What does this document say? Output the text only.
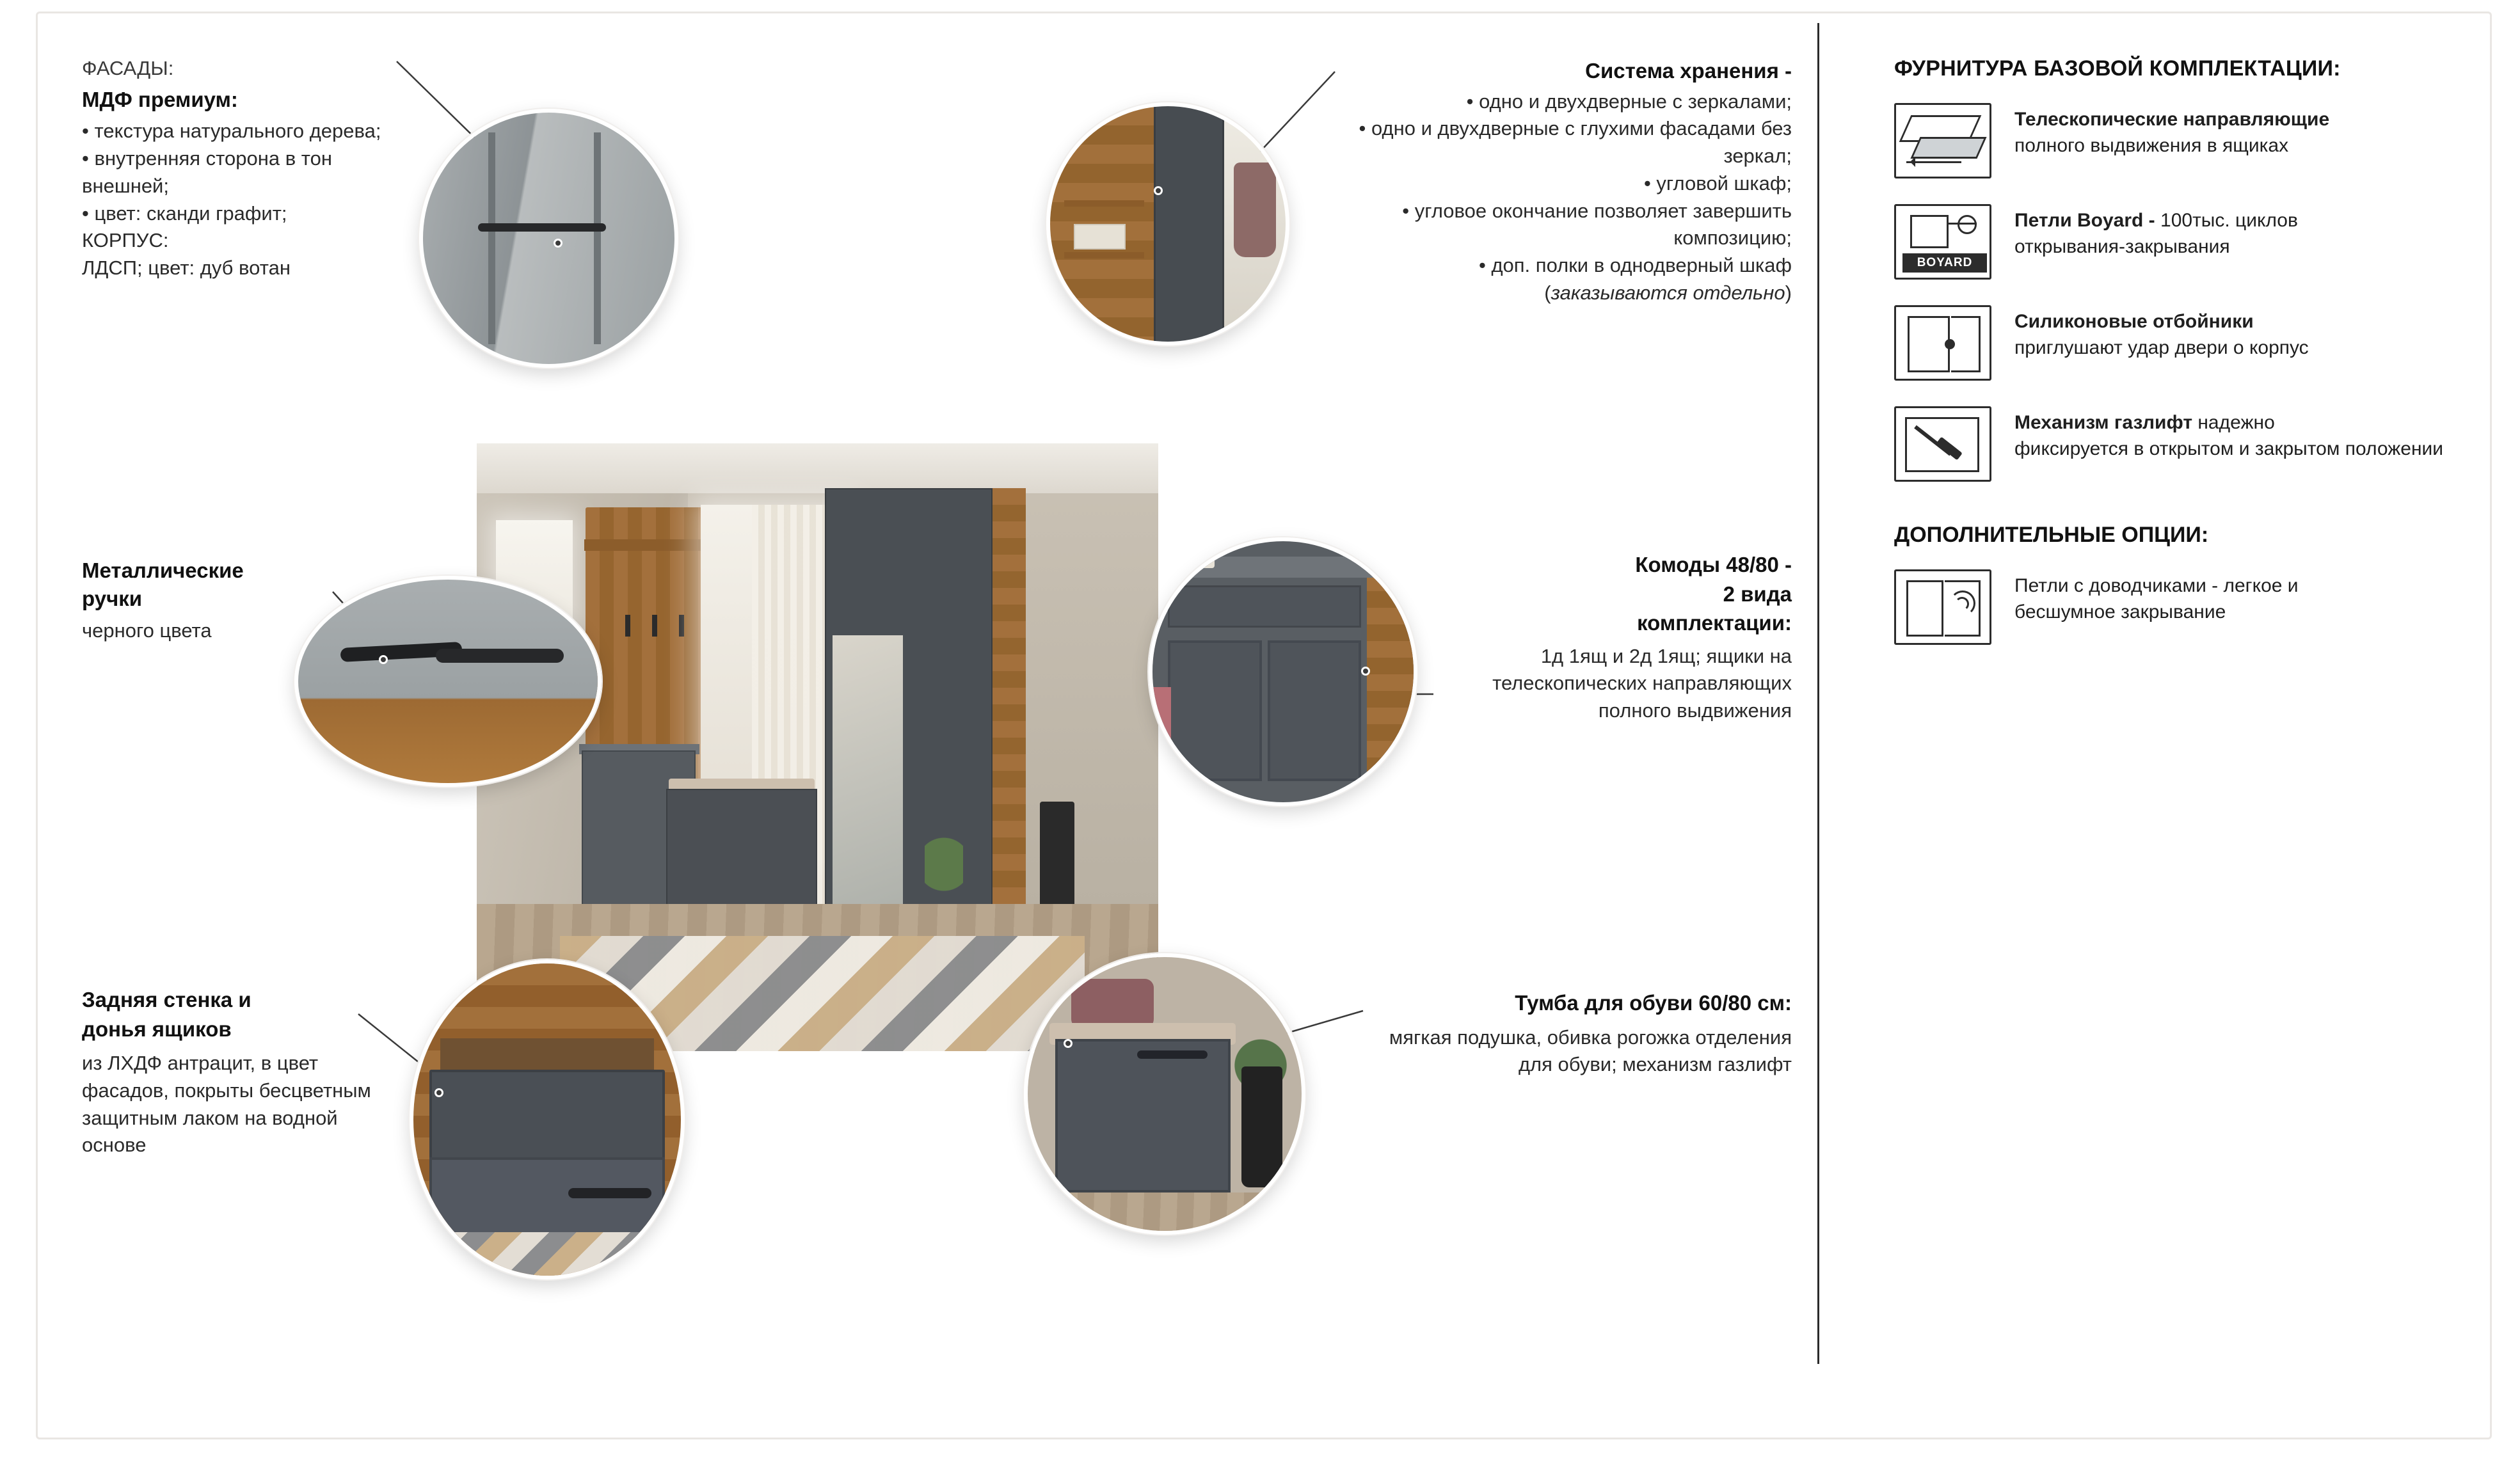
ФАСАДЫ:
МДФ премиум:
• текстура натурального дерева;
• внутренняя сторона в тон внешней;
• цвет: сканди графит;
КОРПУС:
ЛДСП; цвет: дуб вотан
Металлические
ручки
черного цвета
Задняя стенка и
донья ящиков
из ЛХДФ антрацит, в цвет фасадов, покрыты бесцветным защитным лаком на водной основе
Система хранения -
• одно и двухдверные с зеркалами;
• одно и двухдверные с глухими фасадами без зеркал;
• угловой шкаф;
• угловое окончание позволяет завершить композицию;
• доп. полки в однодверный шкаф (заказываются отдельно)
Комоды 48/80 -
2 вида
комплектации:
1д 1ящ и 2д 1ящ; ящики на телескопических направляющих полного выдвижения
Тумба для обуви 60/80 см:
мягкая подушка, обивка рогожка отделения для обуви; механизм газлифт
ФУРНИТУРА БАЗОВОЙ КОМПЛЕКТАЦИИ:
Телескопические направляющие
полного выдвижения в ящиках
BOYARD
Петли Boyard - 100тыс. циклов
открывания-закрывания
Силиконовые отбойники
приглушают удар двери о корпус
Механизм газлифт надежно
фиксируется в открытом и закрытом положении
ДОПОЛНИТЕЛЬНЫЕ ОПЦИИ:
Петли с доводчиками - легкое и
бесшумное закрывание
